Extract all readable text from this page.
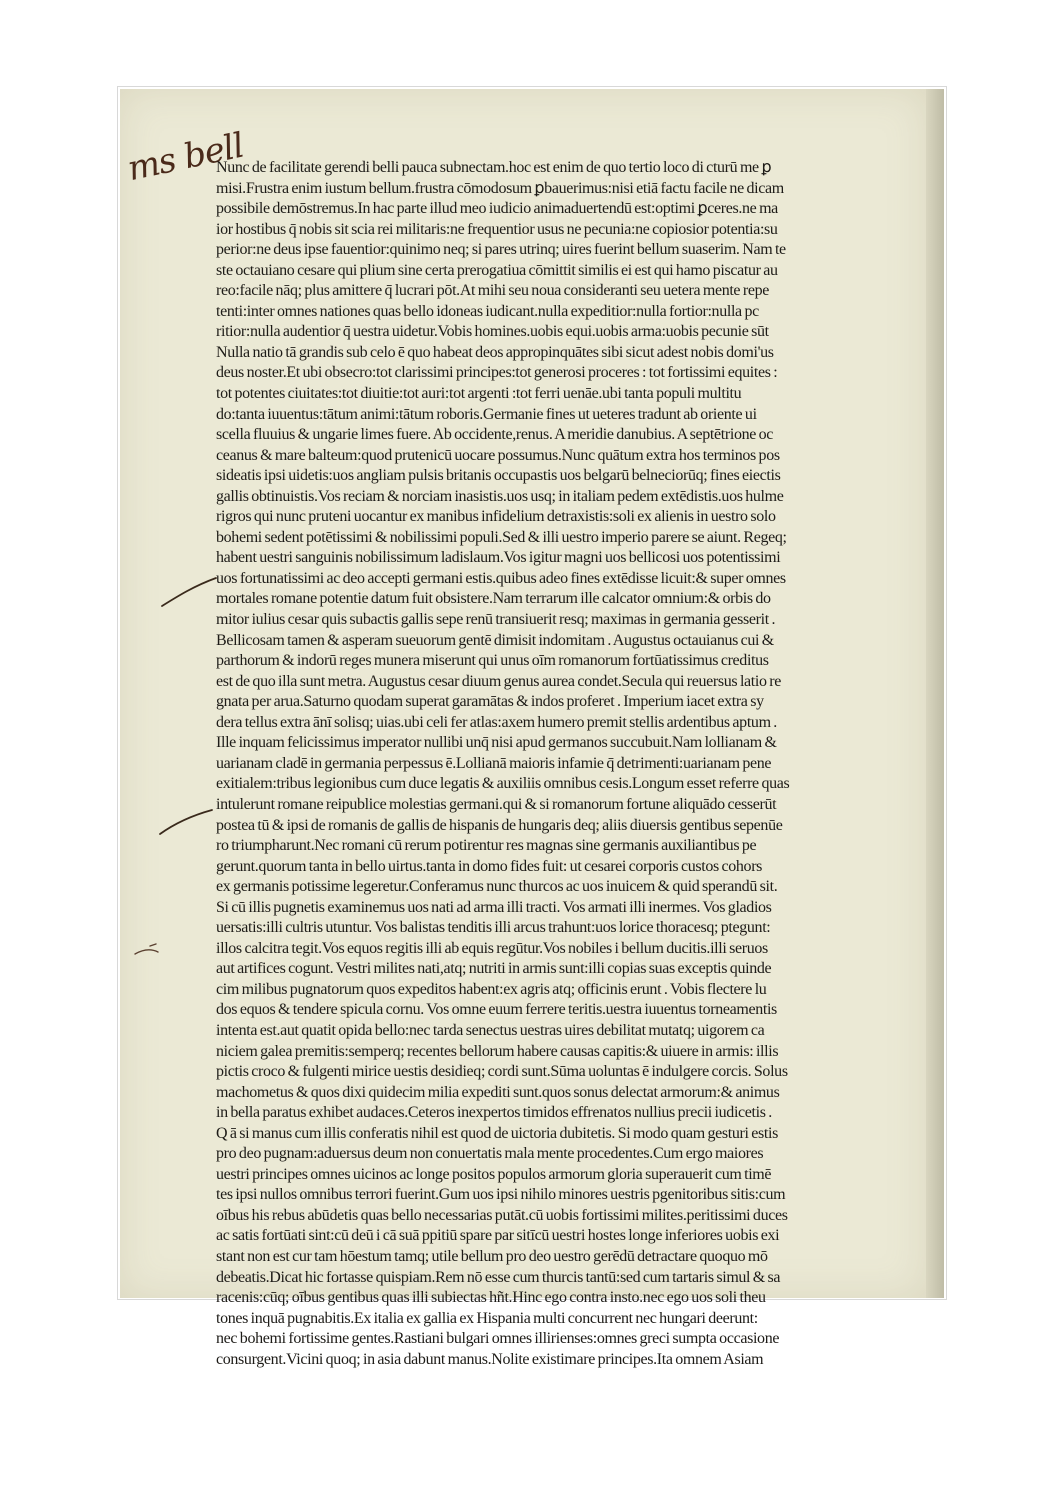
ms bell
Nunc de facilitate gerendi belli pauca subnectam.hoc est enim de quo tertio loco di cturū me ꝑ
misi.Frustra enim iustum bellum.frustra cōmodosum ꝑbauerimus:nisi etiā factu facile ne dicam
possibile demōstremus.In hac parte illud meo iudicio animaduertendū est:optimi ꝑceres.ne ma
ior hostibus q̄ nobis sit scia rei militaris:ne frequentior usus ne pecunia:ne copiosior potentia:su
perior:ne deus ipse fauentior:quinimo neq; si pares utrinq; uires fuerint bellum suaserim. Nam te
ste octauiano cesare qui plium sine certa prerogatiua cōmittit similis ei est qui hamo piscatur au
reo:facile nāq; plus amittere q̄ lucrari pōt.At mihi seu noua consideranti seu uetera mente repe
tenti:inter omnes nationes quas bello idoneas iudicant.nulla expeditior:nulla fortior:nulla pc
ritior:nulla audentior q̄ uestra uidetur.Vobis homines.uobis equi.uobis arma:uobis pecunie sūt
Nulla natio tā grandis sub celo ē quo habeat deos appropinquātes sibi sicut adest nobis domi'us
deus noster.Et ubi obsecro:tot clarissimi principes:tot generosi proceres : tot fortissimi equites :
tot potentes ciuitates:tot diuitie:tot auri:tot argenti :tot ferri uenāe.ubi tanta populi multitu
do:tanta iuuentus:tātum animi:tātum roboris.Germanie fines ut ueteres tradunt ab oriente ui
scella fluuius & ungarie limes fuere. Ab occidente,renus. A meridie danubius. A septētrione oc
ceanus & mare balteum:quod prutenicū uocare possumus.Nunc quātum extra hos terminos pos
sideatis ipsi uidetis:uos angliam pulsis britanis occupastis uos belgarū belneciorūq; fines eiectis
gallis obtinuistis.Vos reciam & norciam inasistis.uos usq; in italiam pedem extēdistis.uos hulme
rigros qui nunc pruteni uocantur ex manibus infidelium detraxistis:soli ex alienis in uestro solo
bohemi sedent potētissimi & nobilissimi populi.Sed & illi uestro imperio parere se aiunt. Regeq;
habent uestri sanguinis nobilissimum ladislaum.Vos igitur magni uos bellicosi uos potentissimi
uos fortunatissimi ac deo accepti germani estis.quibus adeo fines extēdisse licuit:& super omnes
mortales romane potentie datum fuit obsistere.Nam terrarum ille calcator omnium:& orbis do
mitor iulius cesar quis subactis gallis sepe renū transiuerit resq; maximas in germania gesserit .
Bellicosam tamen & asperam sueuorum gentē dimisit indomitam . Augustus octauianus cui &
parthorum & indorū reges munera miserunt qui unus oīm romanorum fortūatissimus creditus
est de quo illa sunt metra. Augustus cesar diuum genus aurea condet.Secula qui reuersus latio re
gnata per arua.Saturno quodam superat garamātas & indos proferet . Imperium iacet extra sy
dera tellus extra ānī solisq; uias.ubi celi fer atlas:axem humero premit stellis ardentibus aptum .
Ille inquam felicissimus imperator nullibi unq̄ nisi apud germanos succubuit.Nam lollianam &
uarianam cladē in germania perpessus ē.Lollianā maioris infamie q̄ detrimenti:uarianam pene
exitialem:tribus legionibus cum duce legatis & auxiliis omnibus cesis.Longum esset referre quas
intulerunt romane reipublice molestias germani.qui & si romanorum fortune aliquādo cesserūt
postea tū & ipsi de romanis de gallis de hispanis de hungaris deq; aliis diuersis gentibus sepenūe
ro triumpharunt.Nec romani cū rerum potirentur res magnas sine germanis auxiliantibus pe
gerunt.quorum tanta in bello uirtus.tanta in domo fides fuit: ut cesarei corporis custos cohors
ex germanis potissime legeretur.Conferamus nunc thurcos ac uos inuicem & quid sperandū sit.
Si cū illis pugnetis examinemus uos nati ad arma illi tracti. Vos armati illi inermes. Vos gladios
uersatis:illi cultris utuntur. Vos balistas tenditis illi arcus trahunt:uos lorice thoracesq; ptegunt:
illos calcitra tegit.Vos equos regitis illi ab equis regūtur.Vos nobiles i bellum ducitis.illi seruos
aut artifices cogunt. Vestri milites nati,atq; nutriti in armis sunt:illi copias suas exceptis quinde
cim milibus pugnatorum quos expeditos habent:ex agris atq; officinis erunt . Vobis flectere lu
dos equos & tendere spicula cornu. Vos omne euum ferrere teritis.uestra iuuentus torneamentis
intenta est.aut quatit opida bello:nec tarda senectus uestras uires debilitat mutatq; uigorem ca
niciem galea premitis:semperq; recentes bellorum habere causas capitis:& uiuere in armis: illis
pictis croco & fulgenti mirice uestis desidieq; cordi sunt.Sūma uoluntas ē indulgere corcis. Solus
machometus & quos dixi quidecim milia expediti sunt.quos sonus delectat armorum:& animus
in bella paratus exhibet audaces.Ceteros inexpertos timidos effrenatos nullius precii iudicetis .
Q ā si manus cum illis conferatis nihil est quod de uictoria dubitetis. Si modo quam gesturi estis
pro deo pugnam:aduersus deum non conuertatis mala mente procedentes.Cum ergo maiores
uestri principes omnes uicinos ac longe positos populos armorum gloria superauerit cum timē
tes ipsi nullos omnibus terrori fuerint.Gum uos ipsi nihilo minores uestris pgenitoribus sitis:cum
oībus his rebus abūdetis quas bello necessarias putāt.cū uobis fortissimi milites.peritissimi duces
ac satis fortūati sint:cū deū i cā suā ppitiū spare par sitīcū uestri hostes longe inferiores uobis exi
stant non est cur tam hōestum tamq; utile bellum pro deo uestro gerēdū detractare quoquo mō
debeatis.Dicat hic fortasse quispiam.Rem nō esse cum thurcis tantū:sed cum tartaris simul & sa
racenis:cūq; oībus gentibus quas illi subiectas hñt.Hinc ego contra insto.nec ego uos soli theu
tones inquā pugnabitis.Ex italia ex gallia ex Hispania multi concurrent nec hungari deerunt:
nec bohemi fortissime gentes.Rastiani bulgari omnes illirienses:omnes greci sumpta occasione
consurgent.Vicini quoq; in asia dabunt manus.Nolite existimare principes.Ita omnem Asiam
